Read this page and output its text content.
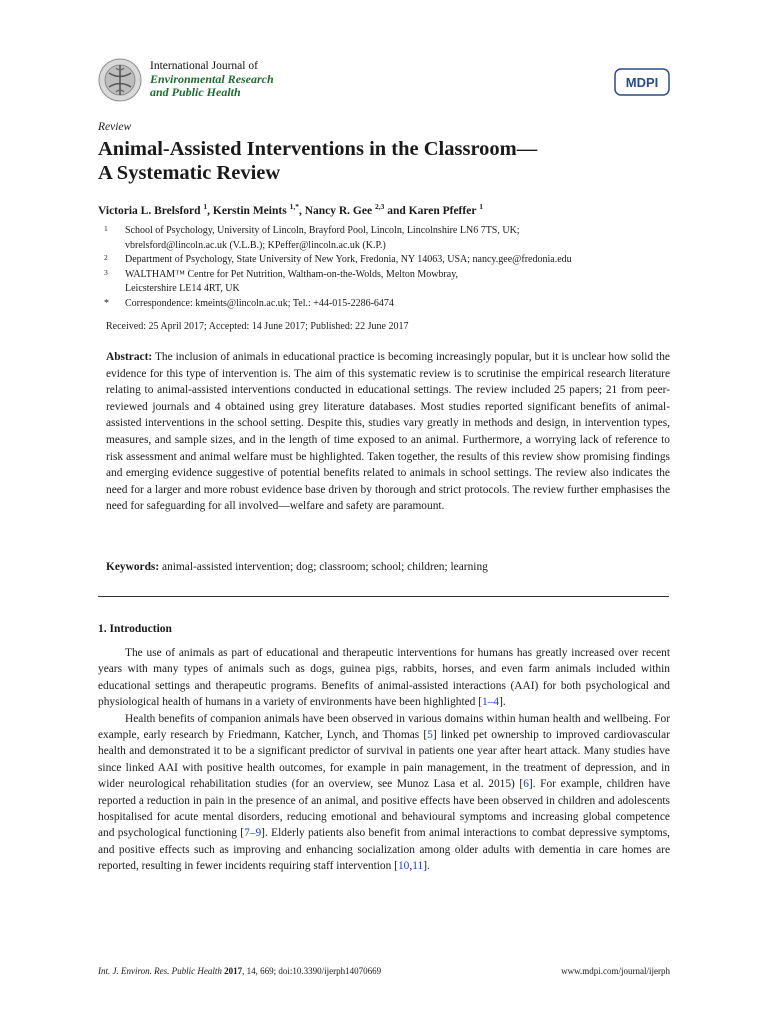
International Journal of
Environmental Research
and Public Health
MDPI
Review
Animal-Assisted Interventions in the Classroom—
A Systematic Review
Victoria L. Brelsford $^1$, Kerstin Meints $^{1,*}$, Nancy R. Gee $^{2,3}$ and Karen Pfeffer $^1$
1 School of Psychology, University of Lincoln, Brayford Pool, Lincoln, Lincolnshire LN6 7TS, UK;
vbrelsford@lincoln.ac.uk (V.L.B.); KPeffer@lincoln.ac.uk (K.P.)
2 Department of Psychology, State University of New York, Fredonia, NY 14063, USA; nancy.gee@fredonia.edu
3 WALTHAM™ Centre for Pet Nutrition, Waltham-on-the-Wolds, Melton Mowbray,
Leicstershire LE14 4RT, UK
* Correspondence: kmeints@lincoln.ac.uk; Tel.: +44-015-2286-6474
Received: 25 April 2017; Accepted: 14 June 2017; Published: 22 June 2017
Abstract: The inclusion of animals in educational practice is becoming increasingly popular, but it is unclear how solid the evidence for this type of intervention is. The aim of this systematic review is to scrutinise the empirical research literature relating to animal-assisted interventions conducted in educational settings. The review included 25 papers; 21 from peer-reviewed journals and 4 obtained using grey literature databases. Most studies reported significant benefits of animal-assisted interventions in the school setting. Despite this, studies vary greatly in methods and design, in intervention types, measures, and sample sizes, and in the length of time exposed to an animal. Furthermore, a worrying lack of reference to risk assessment and animal welfare must be highlighted. Taken together, the results of this review show promising findings and emerging evidence suggestive of potential benefits related to animals in school settings. The review also indicates the need for a larger and more robust evidence base driven by thorough and strict protocols. The review further emphasises the need for safeguarding for all involved—welfare and safety are paramount.
Keywords: animal-assisted intervention; dog; classroom; school; children; learning
1. Introduction

The use of animals as part of educational and therapeutic interventions for humans has greatly increased over recent years with many types of animals such as dogs, guinea pigs, rabbits, horses, and even farm animals included within educational settings and therapeutic programs. Benefits of animal-assisted interactions (AAI) for both psychological and physiological health of humans in a variety of environments have been highlighted [1–4].

Health benefits of companion animals have been observed in various domains within human health and wellbeing. For example, early research by Friedmann, Katcher, Lynch, and Thomas [5] linked pet ownership to improved cardiovascular health and demonstrated it to be a significant predictor of survival in patients one year after heart attack. Many studies have since linked AAI with positive health outcomes, for example in pain management, in the treatment of depression, and in wider neurological rehabilitation studies (for an overview, see Munoz Lasa et al. 2015) [6]. For example, children have reported a reduction in pain in the presence of an animal, and positive effects have been observed in children and adolescents hospitalised for acute mental disorders, reducing emotional and behavioural symptoms and increasing global competence and psychological functioning [7–9]. Elderly patients also benefit from animal interactions to combat depressive symptoms, and positive effects such as improving and enhancing socialization among older adults with dementia in care homes are reported, resulting in fewer incidents requiring staff intervention [10,11].

Int. J. Environ. Res. Public Health 2017, 14, 669; doi:10.3390/ijerph14070669	www.mdpi.com/journal/ijerph
